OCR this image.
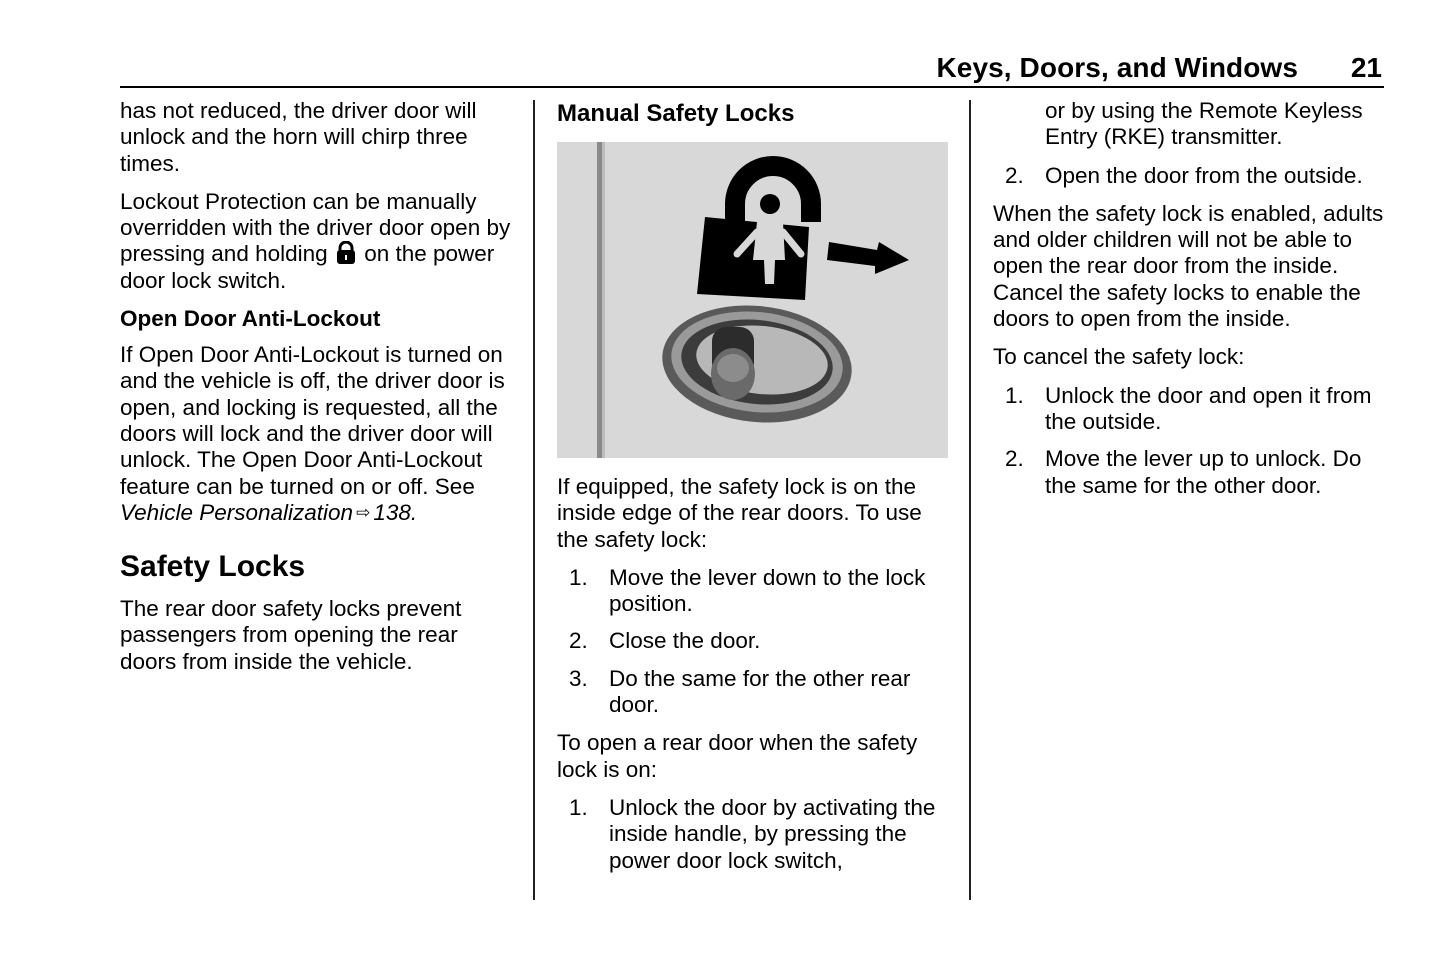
Keys, Doors, and Windows 21

has not reduced, the driver door will unlock and the horn will chirp three times.

Lockout Protection can be manually overridden with the driver door open by pressing and holding on the power door lock switch.

Open Door Anti-Lockout

If Open Door Anti-Lockout is turned on and the vehicle is off, the driver door is open, and locking is requested, all the doors will lock and the driver door will unlock. The Open Door Anti-Lockout feature can be turned on or off. See Vehicle Personalization ⇨ 138.

Safety Locks

The rear door safety locks prevent passengers from opening the rear doors from inside the vehicle.

Manual Safety Locks

If equipped, the safety lock is on the inside edge of the rear doors. To use the safety lock:

1. Move the lever down to the lock position.
2. Close the door.
3. Do the same for the other rear door.

To open a rear door when the safety lock is on:

1. Unlock the door by activating the inside handle, by pressing the power door lock switch,

or by using the Remote Keyless Entry (RKE) transmitter.

2. Open the door from the outside.

When the safety lock is enabled, adults and older children will not be able to open the rear door from the inside. Cancel the safety locks to enable the doors to open from the inside.

To cancel the safety lock:

1. Unlock the door and open it from the outside.
2. Move the lever up to unlock. Do the same for the other door.
